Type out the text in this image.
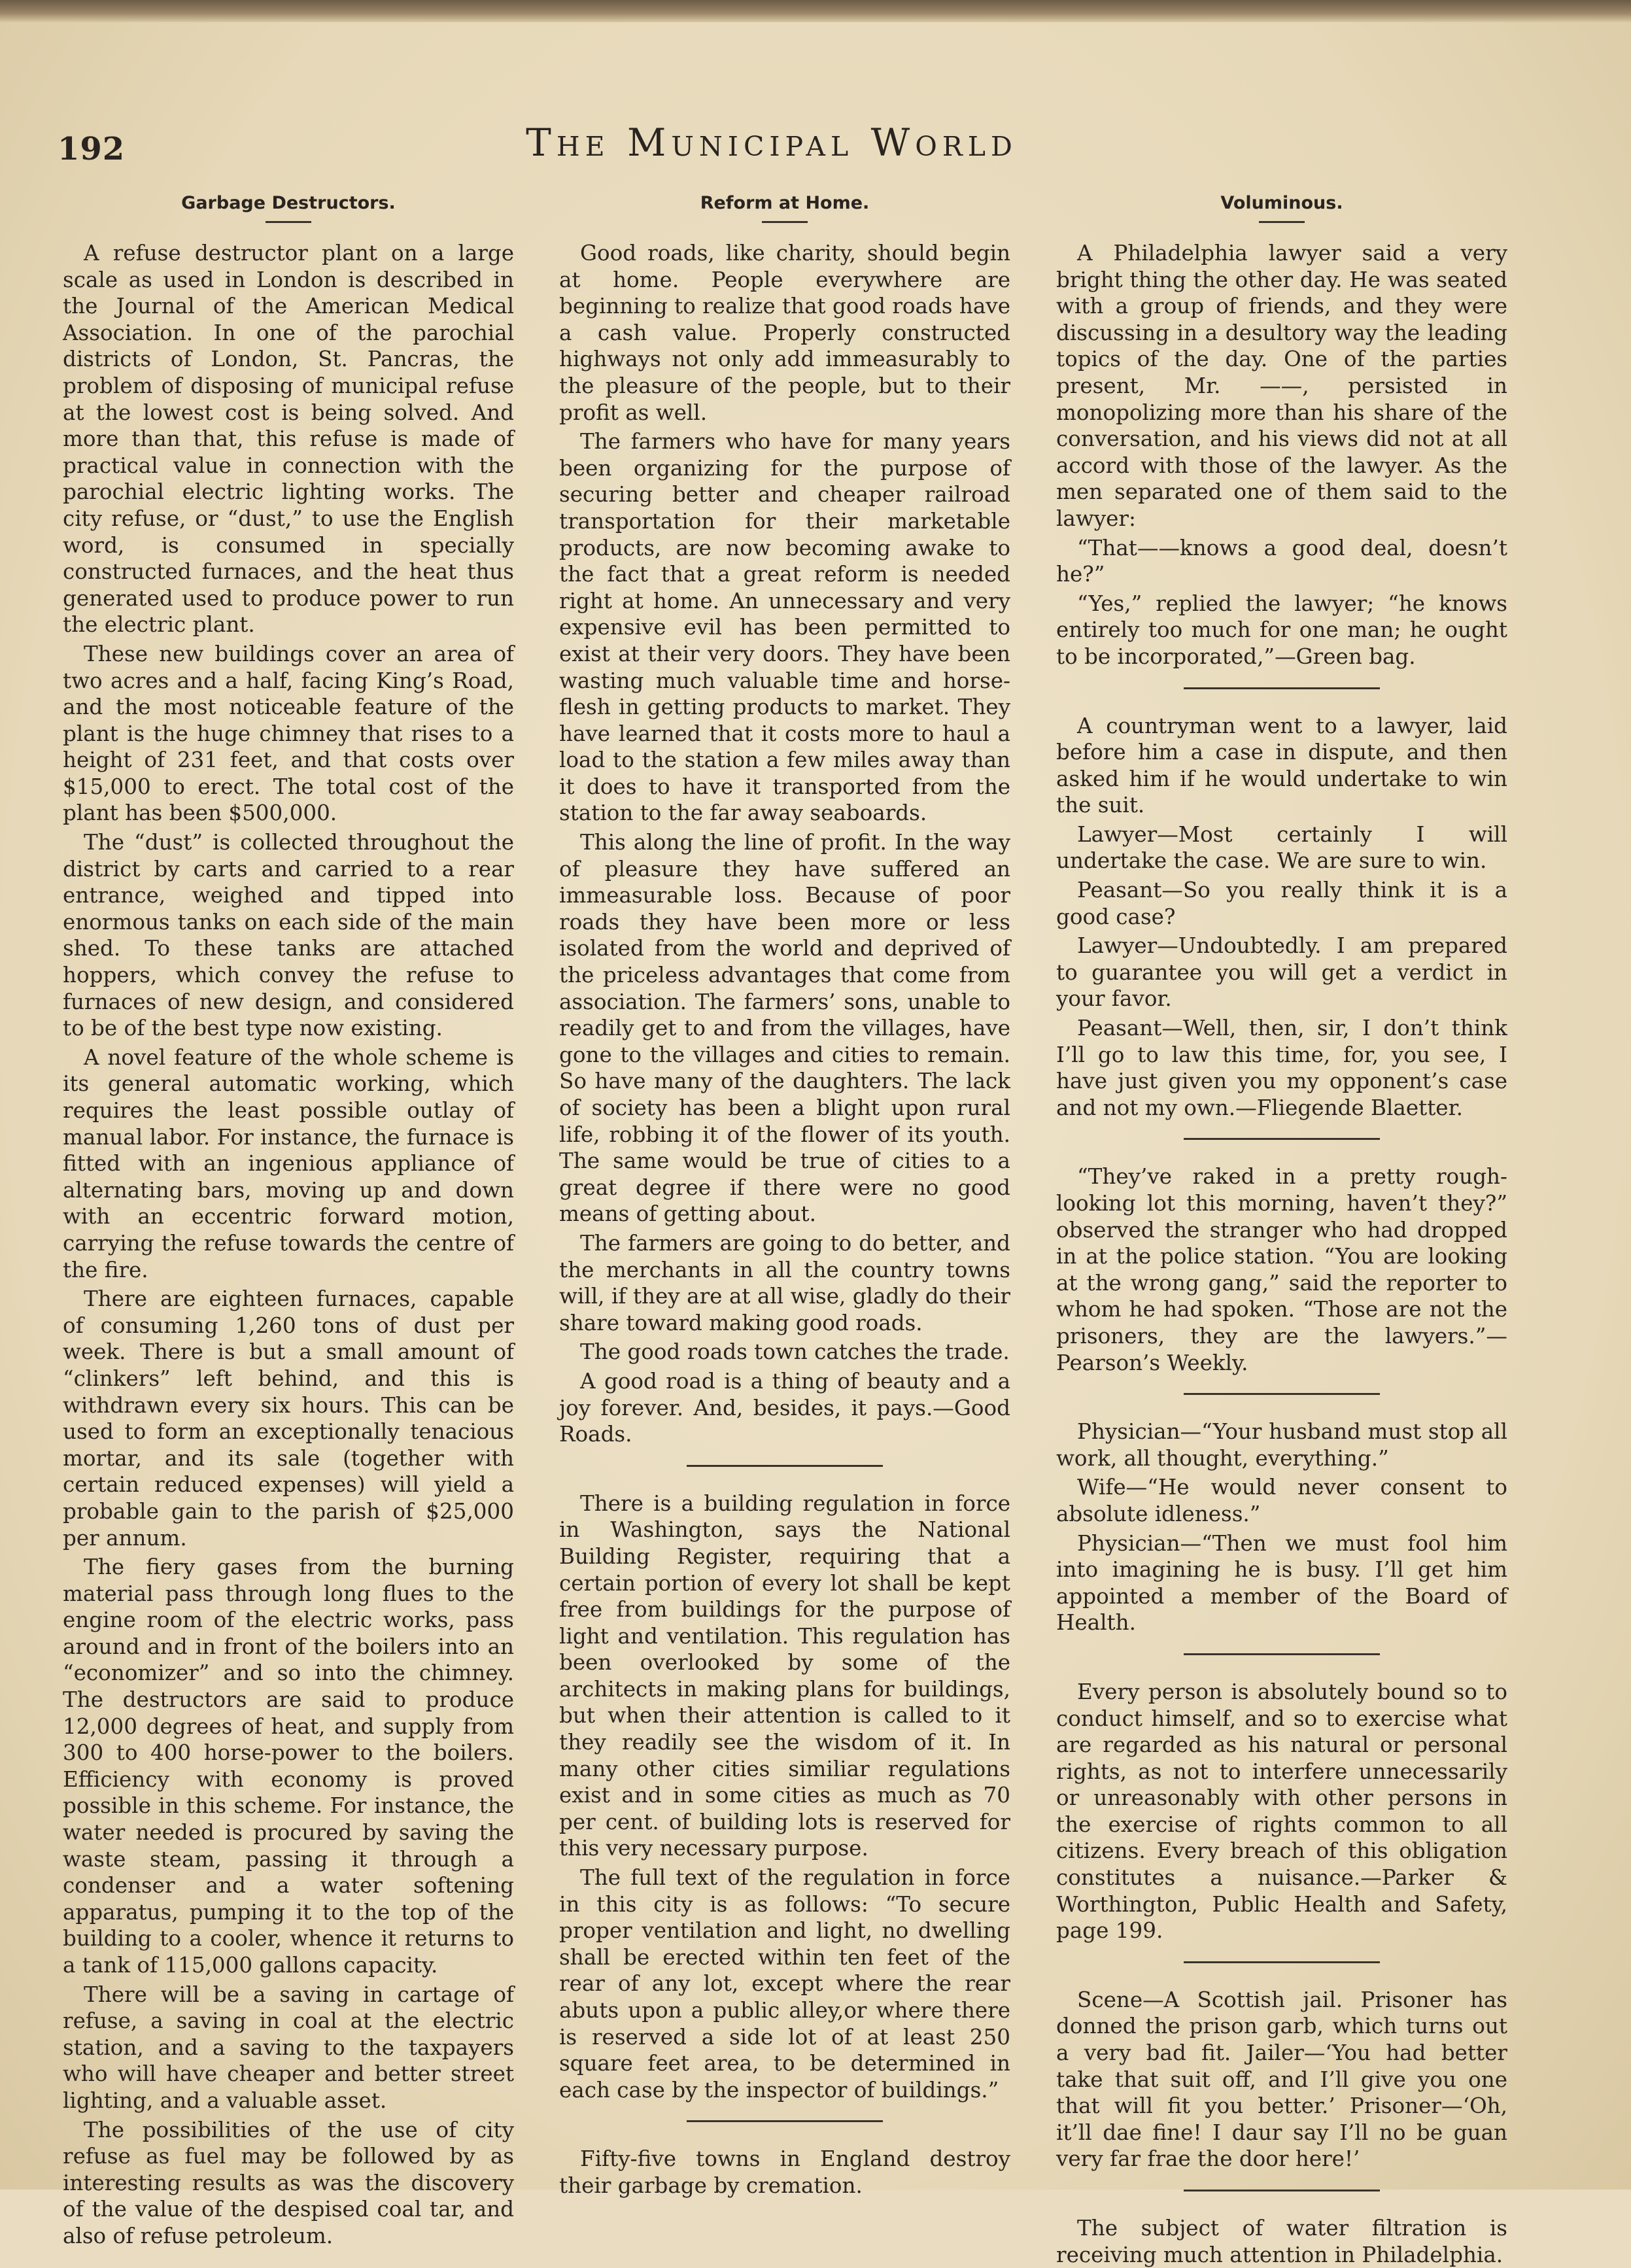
192	The Municipal World
Garbage Destructors.

A refuse destructor plant on a large scale as used in London is described in the Journal of the American Medical Association. In one of the parochial districts of London, St. Pancras, the problem of disposing of municipal refuse at the lowest cost is being solved. And more than that, this refuse is made of practical value in connection with the parochial electric lighting works. The city refuse, or “dust,” to use the English word, is consumed in specially constructed furnaces, and the heat thus generated used to produce power to run the electric plant.

These new buildings cover an area of two acres and a half, facing King’s Road, and the most noticeable feature of the plant is the huge chimney that rises to a height of 231 feet, and that costs over $15,000 to erect. The total cost of the plant has been $500,000.

The “dust” is collected throughout the district by carts and carried to a rear entrance, weighed and tipped into enormous tanks on each side of the main shed. To these tanks are attached hoppers, which convey the refuse to furnaces of new design, and considered to be of the best type now existing.

A novel feature of the whole scheme is its general automatic working, which requires the least possible outlay of manual labor. For instance, the furnace is fitted with an ingenious appliance of alternating bars, moving up and down with an eccentric forward motion, carrying the refuse towards the centre of the fire.

There are eighteen furnaces, capable of consuming 1,260 tons of dust per week. There is but a small amount of “clinkers” left behind, and this is withdrawn every six hours. This can be used to form an exceptionally tenacious mortar, and its sale (together with certain reduced expenses) will yield a probable gain to the parish of $25,000 per annum.

The fiery gases from the burning material pass through long flues to the engine room of the electric works, pass around and in front of the boilers into an “economizer” and so into the chimney. The destructors are said to produce 12,000 degrees of heat, and supply from 300 to 400 horse-power to the boilers. Efficiency with economy is proved possible in this scheme. For instance, the water needed is procured by saving the waste steam, passing it through a condenser and a water softening apparatus, pumping it to the top of the building to a cooler, whence it returns to a tank of 115,000 gallons capacity.

There will be a saving in cartage of refuse, a saving in coal at the electric station, and a saving to the taxpayers who will have cheaper and better street lighting, and a valuable asset.

The possibilities of the use of city refuse as fuel may be followed by as interesting results as was the discovery of the value of the despised coal tar, and also of refuse petroleum.

Reform at Home.

Good roads, like charity, should begin at home. People everywhere are beginning to realize that good roads have a cash value. Properly constructed highways not only add immeasurably to the pleasure of the people, but to their profit as well.

The farmers who have for many years been organizing for the purpose of securing better and cheaper railroad transportation for their marketable products, are now becoming awake to the fact that a great reform is needed right at home. An unnecessary and very expensive evil has been permitted to exist at their very doors. They have been wasting much valuable time and horse-flesh in getting products to market. They have learned that it costs more to haul a load to the station a few miles away than it does to have it transported from the station to the far away seaboards.

This along the line of profit. In the way of pleasure they have suffered an immeasurable loss. Because of poor roads they have been more or less isolated from the world and deprived of the priceless advantages that come from association. The farmers’ sons, unable to readily get to and from the villages, have gone to the villages and cities to remain. So have many of the daughters. The lack of society has been a blight upon rural life, robbing it of the flower of its youth. The same would be true of cities to a great degree if there were no good means of getting about.

The farmers are going to do better, and the merchants in all the country towns will, if they are at all wise, gladly do their share toward making good roads.

The good roads town catches the trade.

A good road is a thing of beauty and a joy forever. And, besides, it pays.—Good Roads.

There is a building regulation in force in Washington, says the National Building Register, requiring that a certain portion of every lot shall be kept free from buildings for the purpose of light and ventilation. This regulation has been overlooked by some of the architects in making plans for buildings, but when their attention is called to it they readily see the wisdom of it. In many other cities similiar regulations exist and in some cities as much as 70 per cent. of building lots is reserved for this very necessary purpose.

The full text of the regulation in force in this city is as follows: “To secure proper ventilation and light, no dwelling shall be erected within ten feet of the rear of any lot, except where the rear abuts upon a public alley,or where there is reserved a side lot of at least 250 square feet area, to be determined in each case by the inspector of buildings.”

Fifty-five towns in England destroy their garbage by cremation.

Voluminous.

A Philadelphia lawyer said a very bright thing the other day. He was seated with a group of friends, and they were discussing in a desultory way the leading topics of the day. One of the parties present, Mr. ——, persisted in monopolizing more than his share of the conversation, and his views did not at all accord with those of the lawyer. As the men separated one of them said to the lawyer:

“That——knows a good deal, doesn’t he?”

“Yes,” replied the lawyer; “he knows entirely too much for one man; he ought to be incorporated,”—Green bag.

A countryman went to a lawyer, laid before him a case in dispute, and then asked him if he would undertake to win the suit.

Lawyer—Most certainly I will undertake the case. We are sure to win.

Peasant—So you really think it is a good case?

Lawyer—Undoubtedly. I am prepared to guarantee you will get a verdict in your favor.

Peasant—Well, then, sir, I don’t think I’ll go to law this time, for, you see, I have just given you my opponent’s case and not my own.—Fliegende Blaetter.

“They’ve raked in a pretty rough-looking lot this morning, haven’t they?” observed the stranger who had dropped in at the police station. “You are looking at the wrong gang,” said the reporter to whom he had spoken. “Those are not the prisoners, they are the lawyers.”—Pearson’s Weekly.

Physician—“Your husband must stop all work, all thought, everything.”

Wife—“He would never consent to absolute idleness.”

Physician—“Then we must fool him into imagining he is busy. I’ll get him appointed a member of the Board of Health.

Every person is absolutely bound so to conduct himself, and so to exercise what are regarded as his natural or personal rights, as not to interfere unnecessarily or unreasonably with other persons in the exercise of rights common to all citizens. Every breach of this obligation constitutes a nuisance.—Parker & Worthington, Public Health and Safety, page 199.

Scene—A Scottish jail. Prisoner has donned the prison garb, which turns out a very bad fit. Jailer—‘You had better take that suit off, and I’ll give you one that will fit you better.’ Prisoner—‘Oh, it’ll dae fine! I daur say I’ll no be guan very far frae the door here!’

The subject of water filtration is receiving much attention in Philadelphia.
